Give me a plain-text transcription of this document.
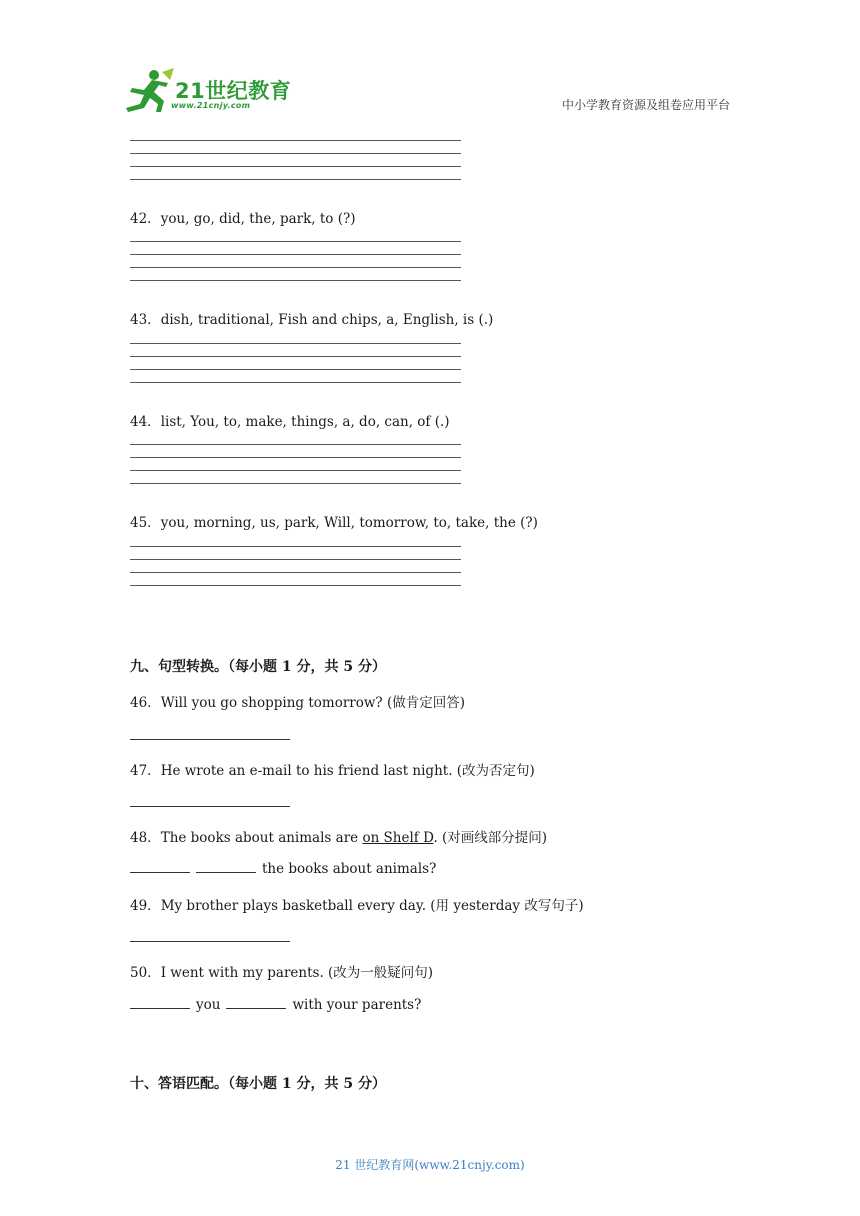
21世纪教育
www.21cnjy.com	中小学教育资源及组卷应用平台
42．you, go, did, the, park, to (?)
43．dish, traditional, Fish and chips, a, English, is (.)
44．list, You, to, make, things, a, do, can, of (.)
45．you, morning, us, park, Will, tomorrow, to, take, the (?)
九、句型转换。（每小题 1 分，共 5 分）
46．Will you go shopping tomorrow? (做肯定回答)
47．He wrote an e-mail to his friend last night. (改为否定句)
48．The books about animals are on Shelf D. (对画线部分提问)
the books about animals?
49．My brother plays basketball every day. (用 yesterday 改写句子)
50．I went with my parents. (改为一般疑问句)
you	with your parents?
十、答语匹配。（每小题 1 分，共 5 分）
21 世纪教育网(www.21cnjy.com)
